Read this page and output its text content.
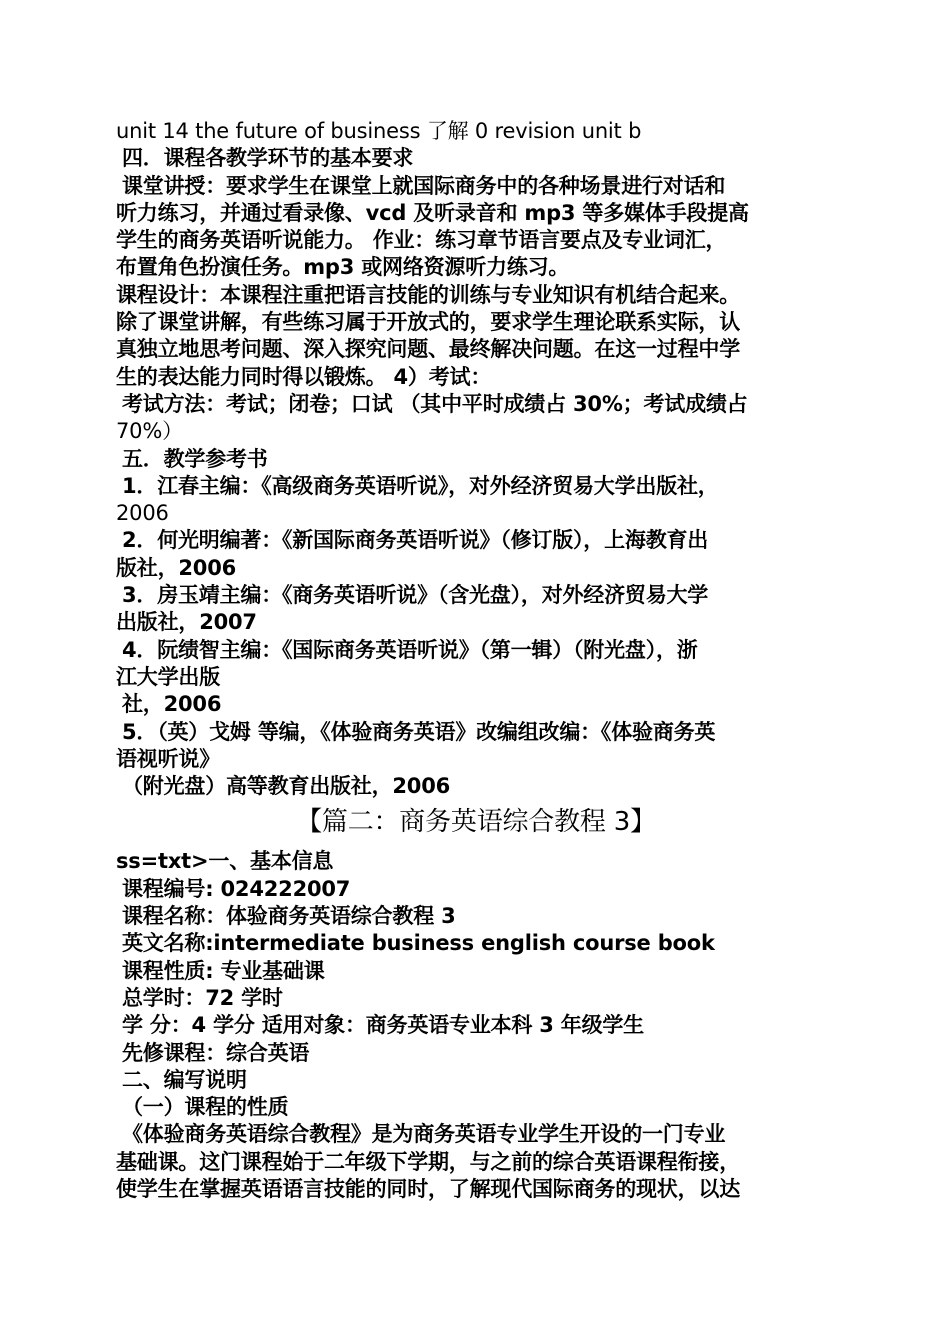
unit 14 the future of business 了解 0 revision unit b
四．课程各教学环节的基本要求
课堂讲授：要求学生在课堂上就国际商务中的各种场景进行对话和
听力练习，并通过看录像、vcd 及听录音和 mp3 等多媒体手段提高
学生的商务英语听说能力。 作业：练习章节语言要点及专业词汇，
布置角色扮演任务。mp3 或网络资源听力练习。
课程设计：本课程注重把语言技能的训练与专业知识有机结合起来。
除了课堂讲解，有些练习属于开放式的，要求学生理论联系实际，认
真独立地思考问题、深入探究问题、最终解决问题。在这一过程中学
生的表达能力同时得以锻炼。 4）考试：
考试方法：考试；闭卷；口试 （其中平时成绩占 30%；考试成绩占
70%）
五．教学参考书
1．江春主编：《高级商务英语听说》，对外经济贸易大学出版社，
2006
2．何光明编著：《新国际商务英语听说》（修订版），上海教育出
版社，2006
3．房玉靖主编：《商务英语听说》（含光盘），对外经济贸易大学
出版社，2007
4．阮绩智主编：《国际商务英语听说》（第一辑）（附光盘），浙
江大学出版
社，2006
5．（英）戈姆 等编，《体验商务英语》改编组改编：《体验商务英
语视听说》
（附光盘）高等教育出版社，2006
【篇二：商务英语综合教程 3】
ss=txt>一、基本信息
课程编号: 024222007
课程名称：体验商务英语综合教程 3
英文名称:intermediate business english course book
课程性质: 专业基础课
总学时：72 学时
学 分：4 学分 适用对象：商务英语专业本科 3 年级学生
先修课程：综合英语
二、编写说明
（一）课程的性质
《体验商务英语综合教程》是为商务英语专业学生开设的一门专业
基础课。这门课程始于二年级下学期，与之前的综合英语课程衔接，
使学生在掌握英语语言技能的同时，了解现代国际商务的现状，以达
